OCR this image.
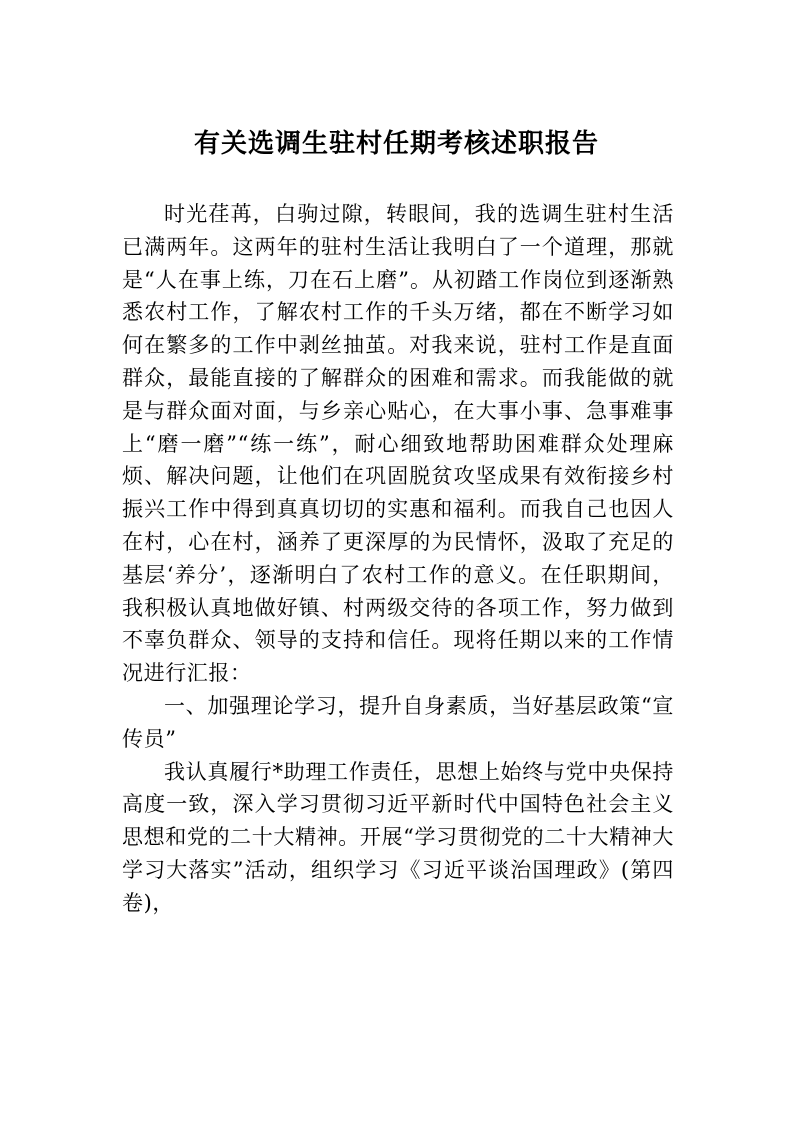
有关选调生驻村任期考核述职报告

时光荏苒，白驹过隙，转眼间，我的选调生驻村生活已满两年。这两年的驻村生活让我明白了一个道理，那就是“人在事上练，刀在石上磨”。从初踏工作岗位到逐渐熟悉农村工作，了解农村工作的千头万绪，都在不断学习如何在繁多的工作中剥丝抽茧。对我来说，驻村工作是直面群众，最能直接的了解群众的困难和需求。而我能做的就是与群众面对面，与乡亲心贴心，在大事小事、急事难事上“磨一磨”“练一练”，耐心细致地帮助困难群众处理麻烦、解决问题，让他们在巩固脱贫攻坚成果有效衔接乡村振兴工作中得到真真切切的实惠和福利。而我自己也因人在村，心在村，涵养了更深厚的为民情怀，汲取了充足的基层‘养分’，逐渐明白了农村工作的意义。在任职期间，我积极认真地做好镇、村两级交待的各项工作，努力做到不辜负群众、领导的支持和信任。现将任期以来的工作情况进行汇报：

一、加强理论学习，提升自身素质，当好基层政策“宣传员”

我认真履行*助理工作责任，思想上始终与党中央保持高度一致，深入学习贯彻习近平新时代中国特色社会主义思想和党的二十大精神。开展“学习贯彻党的二十大精神大学习大落实”活动，组织学习《习近平谈治国理政》(第四卷)，
